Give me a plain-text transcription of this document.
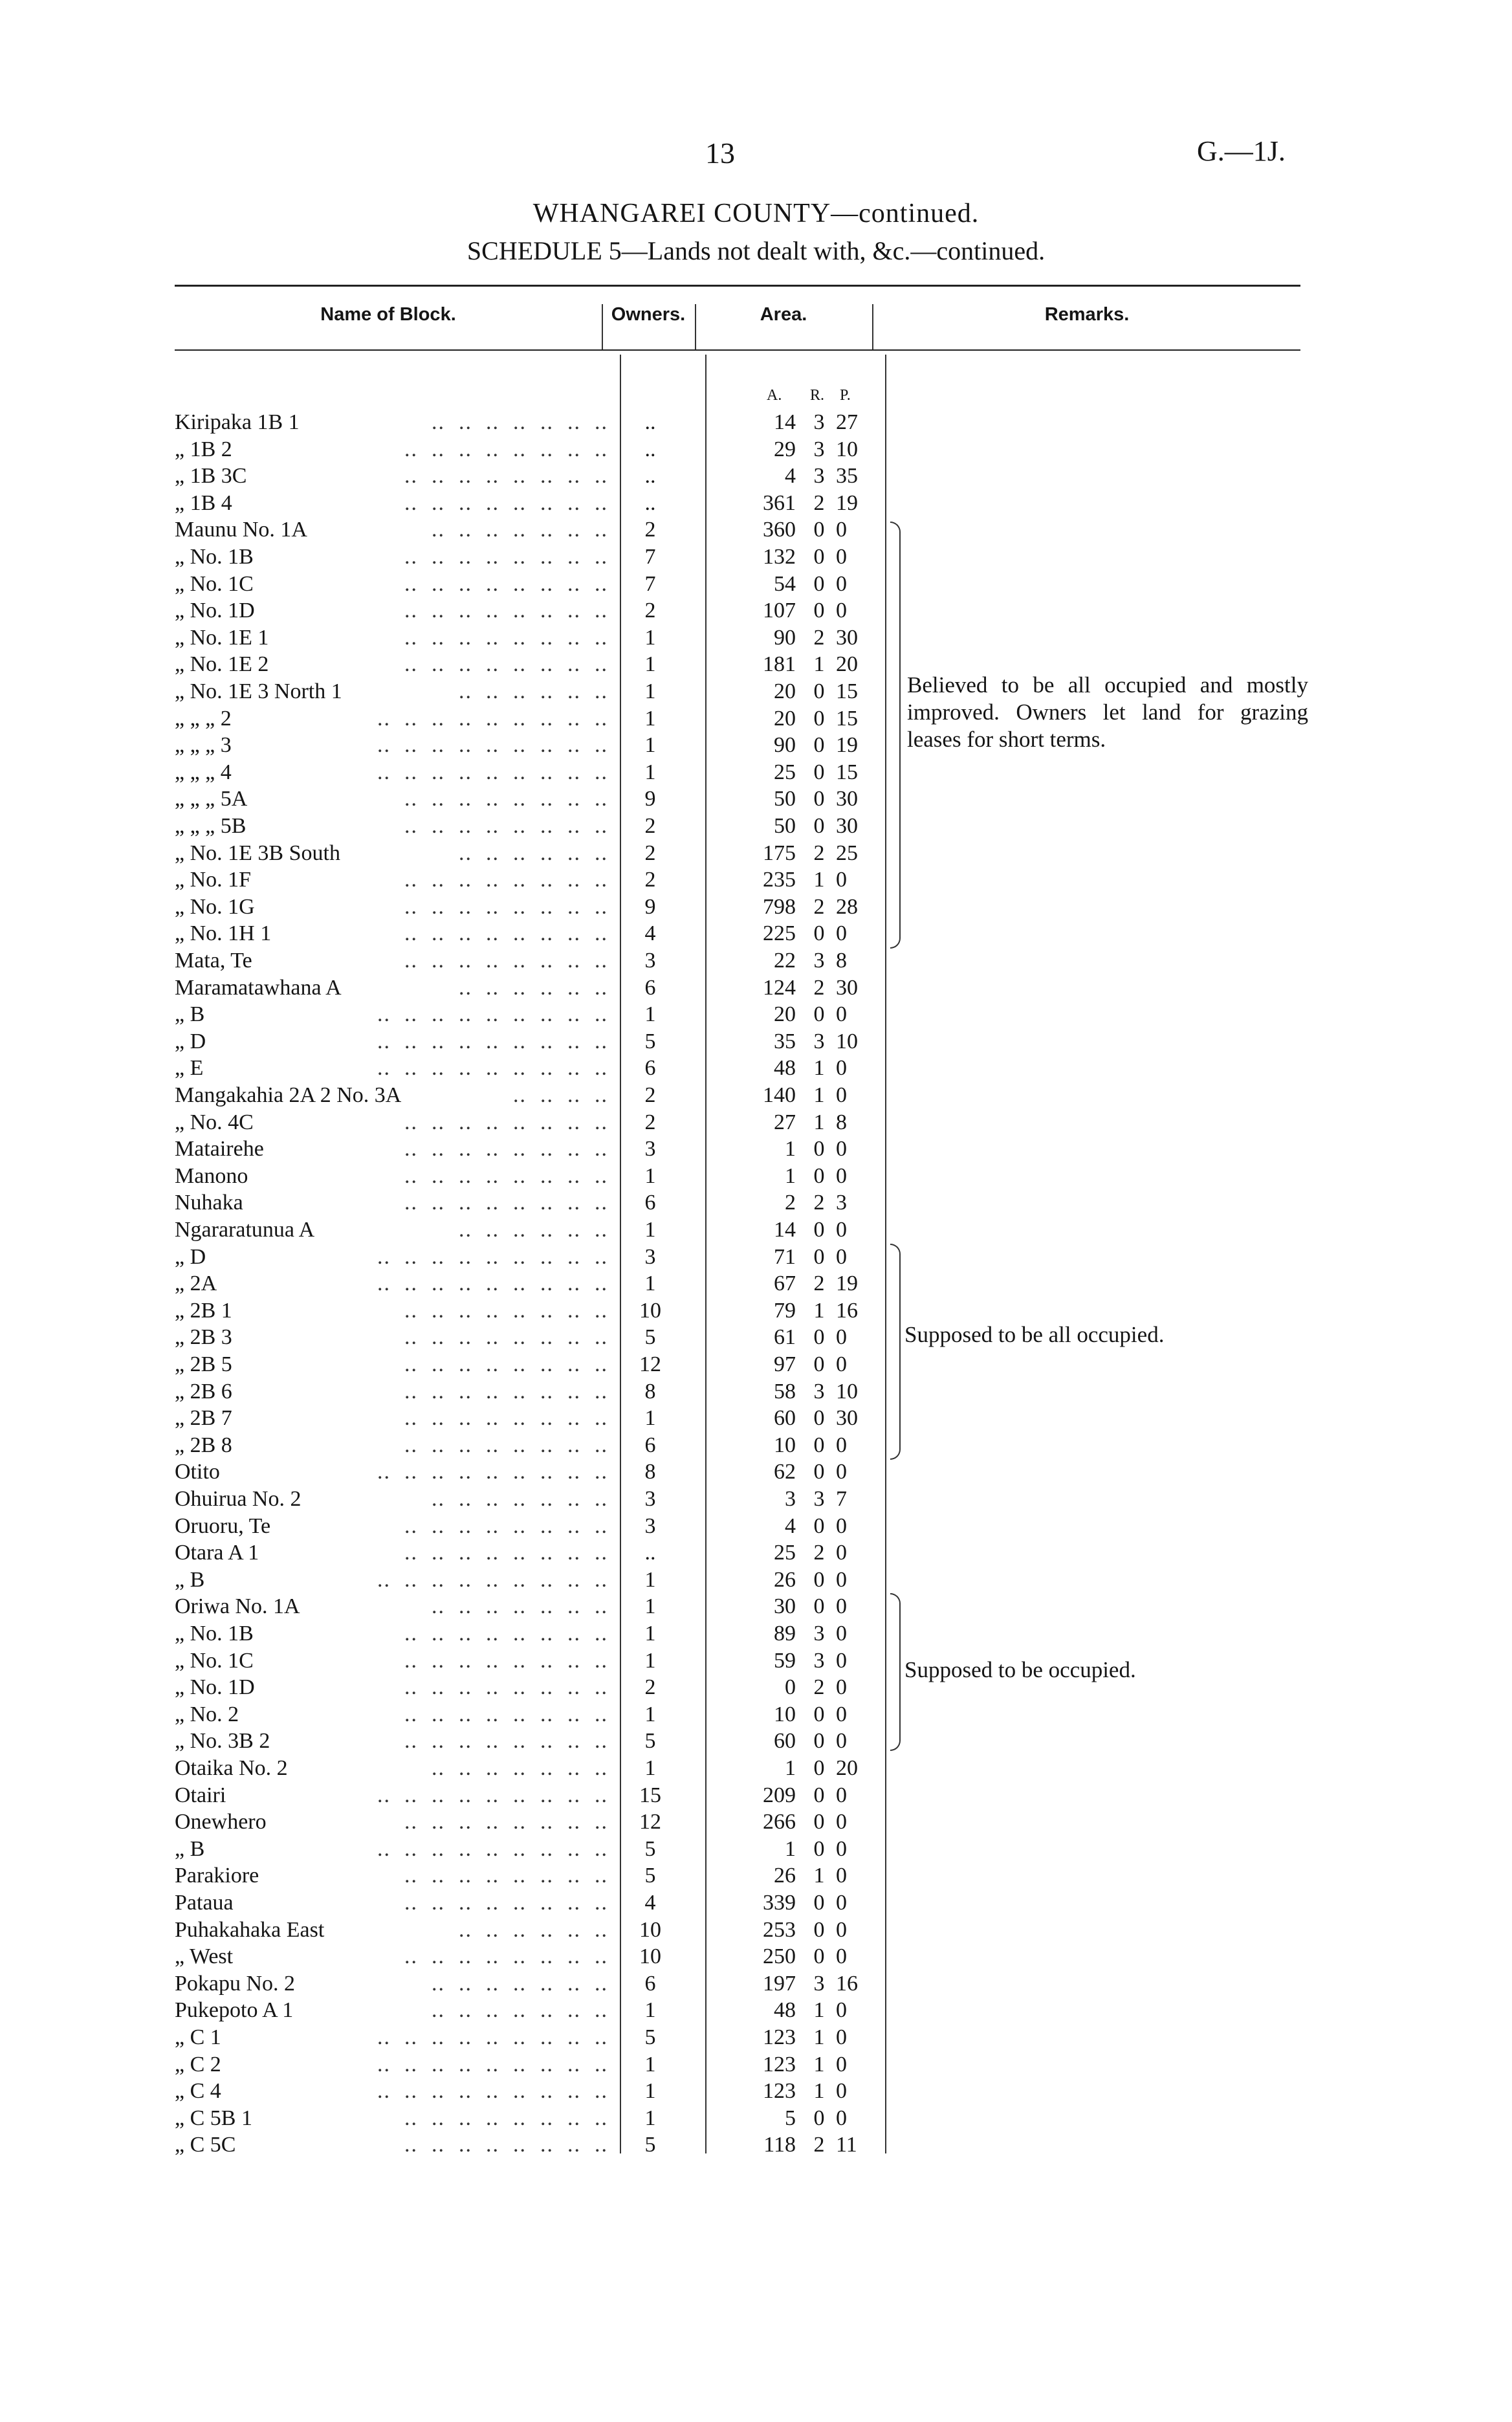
13	G.—1J.
WHANGAREI COUNTY—continued.
SCHEDULE 5—Lands not dealt with, &c.—continued.
Name of Block.	Owners.	Area.	Remarks.
A. R. P.
Kiripaka 1B 1	..  ..  ..  ..  ..  ..  ..	..	14 3 27
„ 1B 2	..  ..  ..  ..  ..  ..  ..  ..	..	29 3 10
„ 1B 3C	..  ..  ..  ..  ..  ..  ..  ..	..	4 3 35
„ 1B 4	..  ..  ..  ..  ..  ..  ..  ..	..	361 2 19
Maunu No. 1A	..  ..  ..  ..  ..  ..  ..	2	360 0 0
„ No. 1B	..  ..  ..  ..  ..  ..  ..  ..	7	132 0 0
„ No. 1C	..  ..  ..  ..  ..  ..  ..  ..	7	54 0 0
„ No. 1D	..  ..  ..  ..  ..  ..  ..  ..	2	107 0 0
„ No. 1E 1	..  ..  ..  ..  ..  ..  ..  ..	1	90 2 30
„ No. 1E 2	..  ..  ..  ..  ..  ..  ..  ..	1	181 1 20
„ No. 1E 3 North 1	..  ..  ..  ..  ..  ..	1	20 0 15
„ „ „ 2	..  ..  ..  ..  ..  ..  ..  ..  ..	1	20 0 15
„ „ „ 3	..  ..  ..  ..  ..  ..  ..  ..  ..	1	90 0 19
„ „ „ 4	..  ..  ..  ..  ..  ..  ..  ..  ..	1	25 0 15
„ „ „ 5A	..  ..  ..  ..  ..  ..  ..  ..	9	50 0 30
„ „ „ 5B	..  ..  ..  ..  ..  ..  ..  ..	2	50 0 30
„ No. 1E 3B South	..  ..  ..  ..  ..  ..	2	175 2 25
„ No. 1F	..  ..  ..  ..  ..  ..  ..  ..	2	235 1 0
„ No. 1G	..  ..  ..  ..  ..  ..  ..  ..	9	798 2 28
„ No. 1H 1	..  ..  ..  ..  ..  ..  ..  ..	4	225 0 0
Mata, Te	..  ..  ..  ..  ..  ..  ..  ..	3	22 3 8
Maramatawhana A	..  ..  ..  ..  ..  ..	6	124 2 30
„ B	..  ..  ..  ..  ..  ..  ..  ..  ..	1	20 0 0
„ D	..  ..  ..  ..  ..  ..  ..  ..  ..	5	35 3 10
„ E	..  ..  ..  ..  ..  ..  ..  ..  ..	6	48 1 0
Mangakahia 2A 2 No. 3A	..  ..  ..  ..	2	140 1 0
„ No. 4C	..  ..  ..  ..  ..  ..  ..  ..	2	27 1 8
Matairehe	..  ..  ..  ..  ..  ..  ..  ..	3	1 0 0
Manono	..  ..  ..  ..  ..  ..  ..  ..	1	1 0 0
Nuhaka	..  ..  ..  ..  ..  ..  ..  ..	6	2 2 3
Ngararatunua A	..  ..  ..  ..  ..  ..	1	14 0 0
„ D	..  ..  ..  ..  ..  ..  ..  ..  ..	3	71 0 0
„ 2A	..  ..  ..  ..  ..  ..  ..  ..  ..	1	67 2 19
„ 2B 1	..  ..  ..  ..  ..  ..  ..  ..	10	79 1 16
„ 2B 3	..  ..  ..  ..  ..  ..  ..  ..	5	61 0 0
„ 2B 5	..  ..  ..  ..  ..  ..  ..  ..	12	97 0 0
„ 2B 6	..  ..  ..  ..  ..  ..  ..  ..	8	58 3 10
„ 2B 7	..  ..  ..  ..  ..  ..  ..  ..	1	60 0 30
„ 2B 8	..  ..  ..  ..  ..  ..  ..  ..	6	10 0 0
Otito	..  ..  ..  ..  ..  ..  ..  ..  ..	8	62 0 0
Ohuirua No. 2	..  ..  ..  ..  ..  ..  ..	3	3 3 7
Oruoru, Te	..  ..  ..  ..  ..  ..  ..  ..	3	4 0 0
Otara A 1	..  ..  ..  ..  ..  ..  ..  ..	..	25 2 0
„ B	..  ..  ..  ..  ..  ..  ..  ..  ..	1	26 0 0
Oriwa No. 1A	..  ..  ..  ..  ..  ..  ..	1	30 0 0
„ No. 1B	..  ..  ..  ..  ..  ..  ..  ..	1	89 3 0
„ No. 1C	..  ..  ..  ..  ..  ..  ..  ..	1	59 3 0
„ No. 1D	..  ..  ..  ..  ..  ..  ..  ..	2	0 2 0
„ No. 2	..  ..  ..  ..  ..  ..  ..  ..	1	10 0 0
„ No. 3B 2	..  ..  ..  ..  ..  ..  ..  ..	5	60 0 0
Otaika No. 2	..  ..  ..  ..  ..  ..  ..	1	1 0 20
Otairi	..  ..  ..  ..  ..  ..  ..  ..  ..	15	209 0 0
Onewhero	..  ..  ..  ..  ..  ..  ..  ..	12	266 0 0
„ B	..  ..  ..  ..  ..  ..  ..  ..  ..	5	1 0 0
Parakiore	..  ..  ..  ..  ..  ..  ..  ..	5	26 1 0
Pataua	..  ..  ..  ..  ..  ..  ..  ..	4	339 0 0
Puhakahaka East	..  ..  ..  ..  ..  ..	10	253 0 0
„ West	..  ..  ..  ..  ..  ..  ..  ..	10	250 0 0
Pokapu No. 2	..  ..  ..  ..  ..  ..  ..	6	197 3 16
Pukepoto A 1	..  ..  ..  ..  ..  ..  ..	1	48 1 0
„ C 1	..  ..  ..  ..  ..  ..  ..  ..  ..	5	123 1 0
„ C 2	..  ..  ..  ..  ..  ..  ..  ..  ..	1	123 1 0
„ C 4	..  ..  ..  ..  ..  ..  ..  ..  ..	1	123 1 0
„ C 5B 1	..  ..  ..  ..  ..  ..  ..  ..	1	5 0 0
„ C 5C	..  ..  ..  ..  ..  ..  ..  ..	5	118 2 11
Believed to be all occupied and mostly improved. Owners let land for grazing leases for short terms.
Supposed to be all occupied.
Supposed to be occupied.
